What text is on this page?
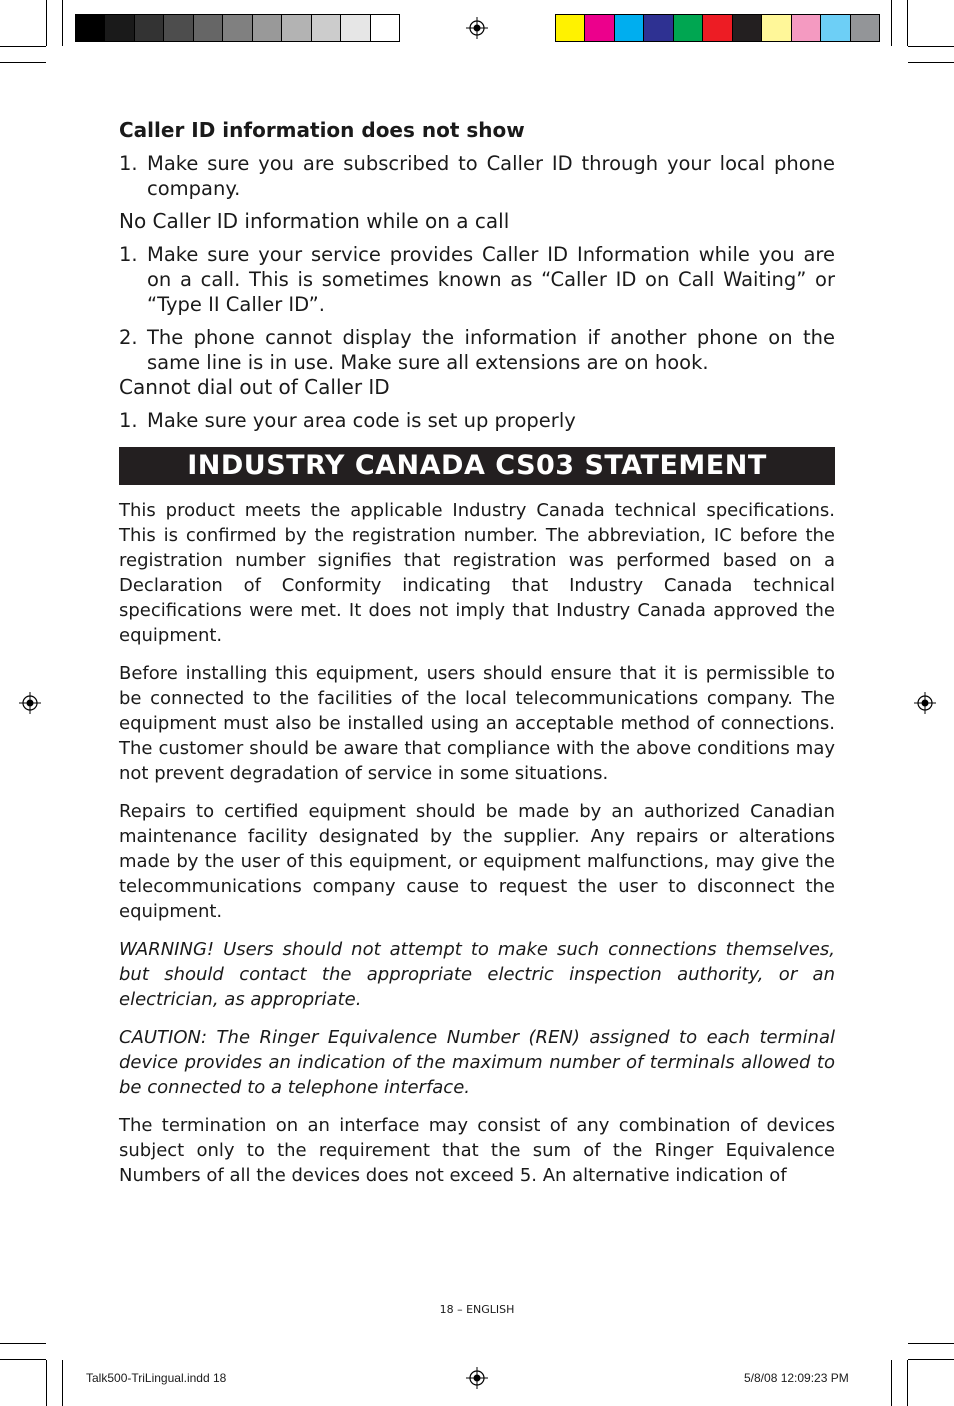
Caller ID information does not show
1. Make sure you are subscribed to Caller ID through your local phone company.
No Caller ID information while on a call
1. Make sure your service provides Caller ID Information while you are on a call. This is sometimes known as “Caller ID on Call Waiting” or “Type II Caller ID”.
2. The phone cannot display the information if another phone on the same line is in use. Make sure all extensions are on hook.
Cannot dial out of Caller ID
1. Make sure your area code is set up properly
INDUSTRY CANADA CS03 STATEMENT

This product meets the applicable Industry Canada technical specifications. This is confirmed by the registration number. The abbreviation, IC before the registration number signifies that registration was performed based on a Declaration of Conformity indicating that Industry Canada technical specifications were met. It does not imply that Industry Canada approved the equipment.

Before installing this equipment, users should ensure that it is permissible to be connected to the facilities of the local telecommunications company. The equipment must also be installed using an acceptable method of connections. The customer should be aware that compliance with the above conditions may not prevent degradation of service in some situations.

Repairs to certified equipment should be made by an authorized Canadian maintenance facility designated by the supplier. Any repairs or alterations made by the user of this equipment, or equipment malfunctions, may give the telecommunications company cause to request the user to disconnect the equipment.

WARNING! Users should not attempt to make such connections themselves, but should contact the appropriate electric inspection authority, or an electrician, as appropriate.

CAUTION: The Ringer Equivalence Number (REN) assigned to each terminal device provides an indication of the maximum number of terminals allowed to be connected to a telephone interface.

The termination on an interface may consist of any combination of devices subject only to the requirement that the sum of the Ringer Equivalence Numbers of all the devices does not exceed 5. An alternative indication of

18 – ENGLISH
Talk500-TriLingual.indd 18	5/8/08 12:09:23 PM
